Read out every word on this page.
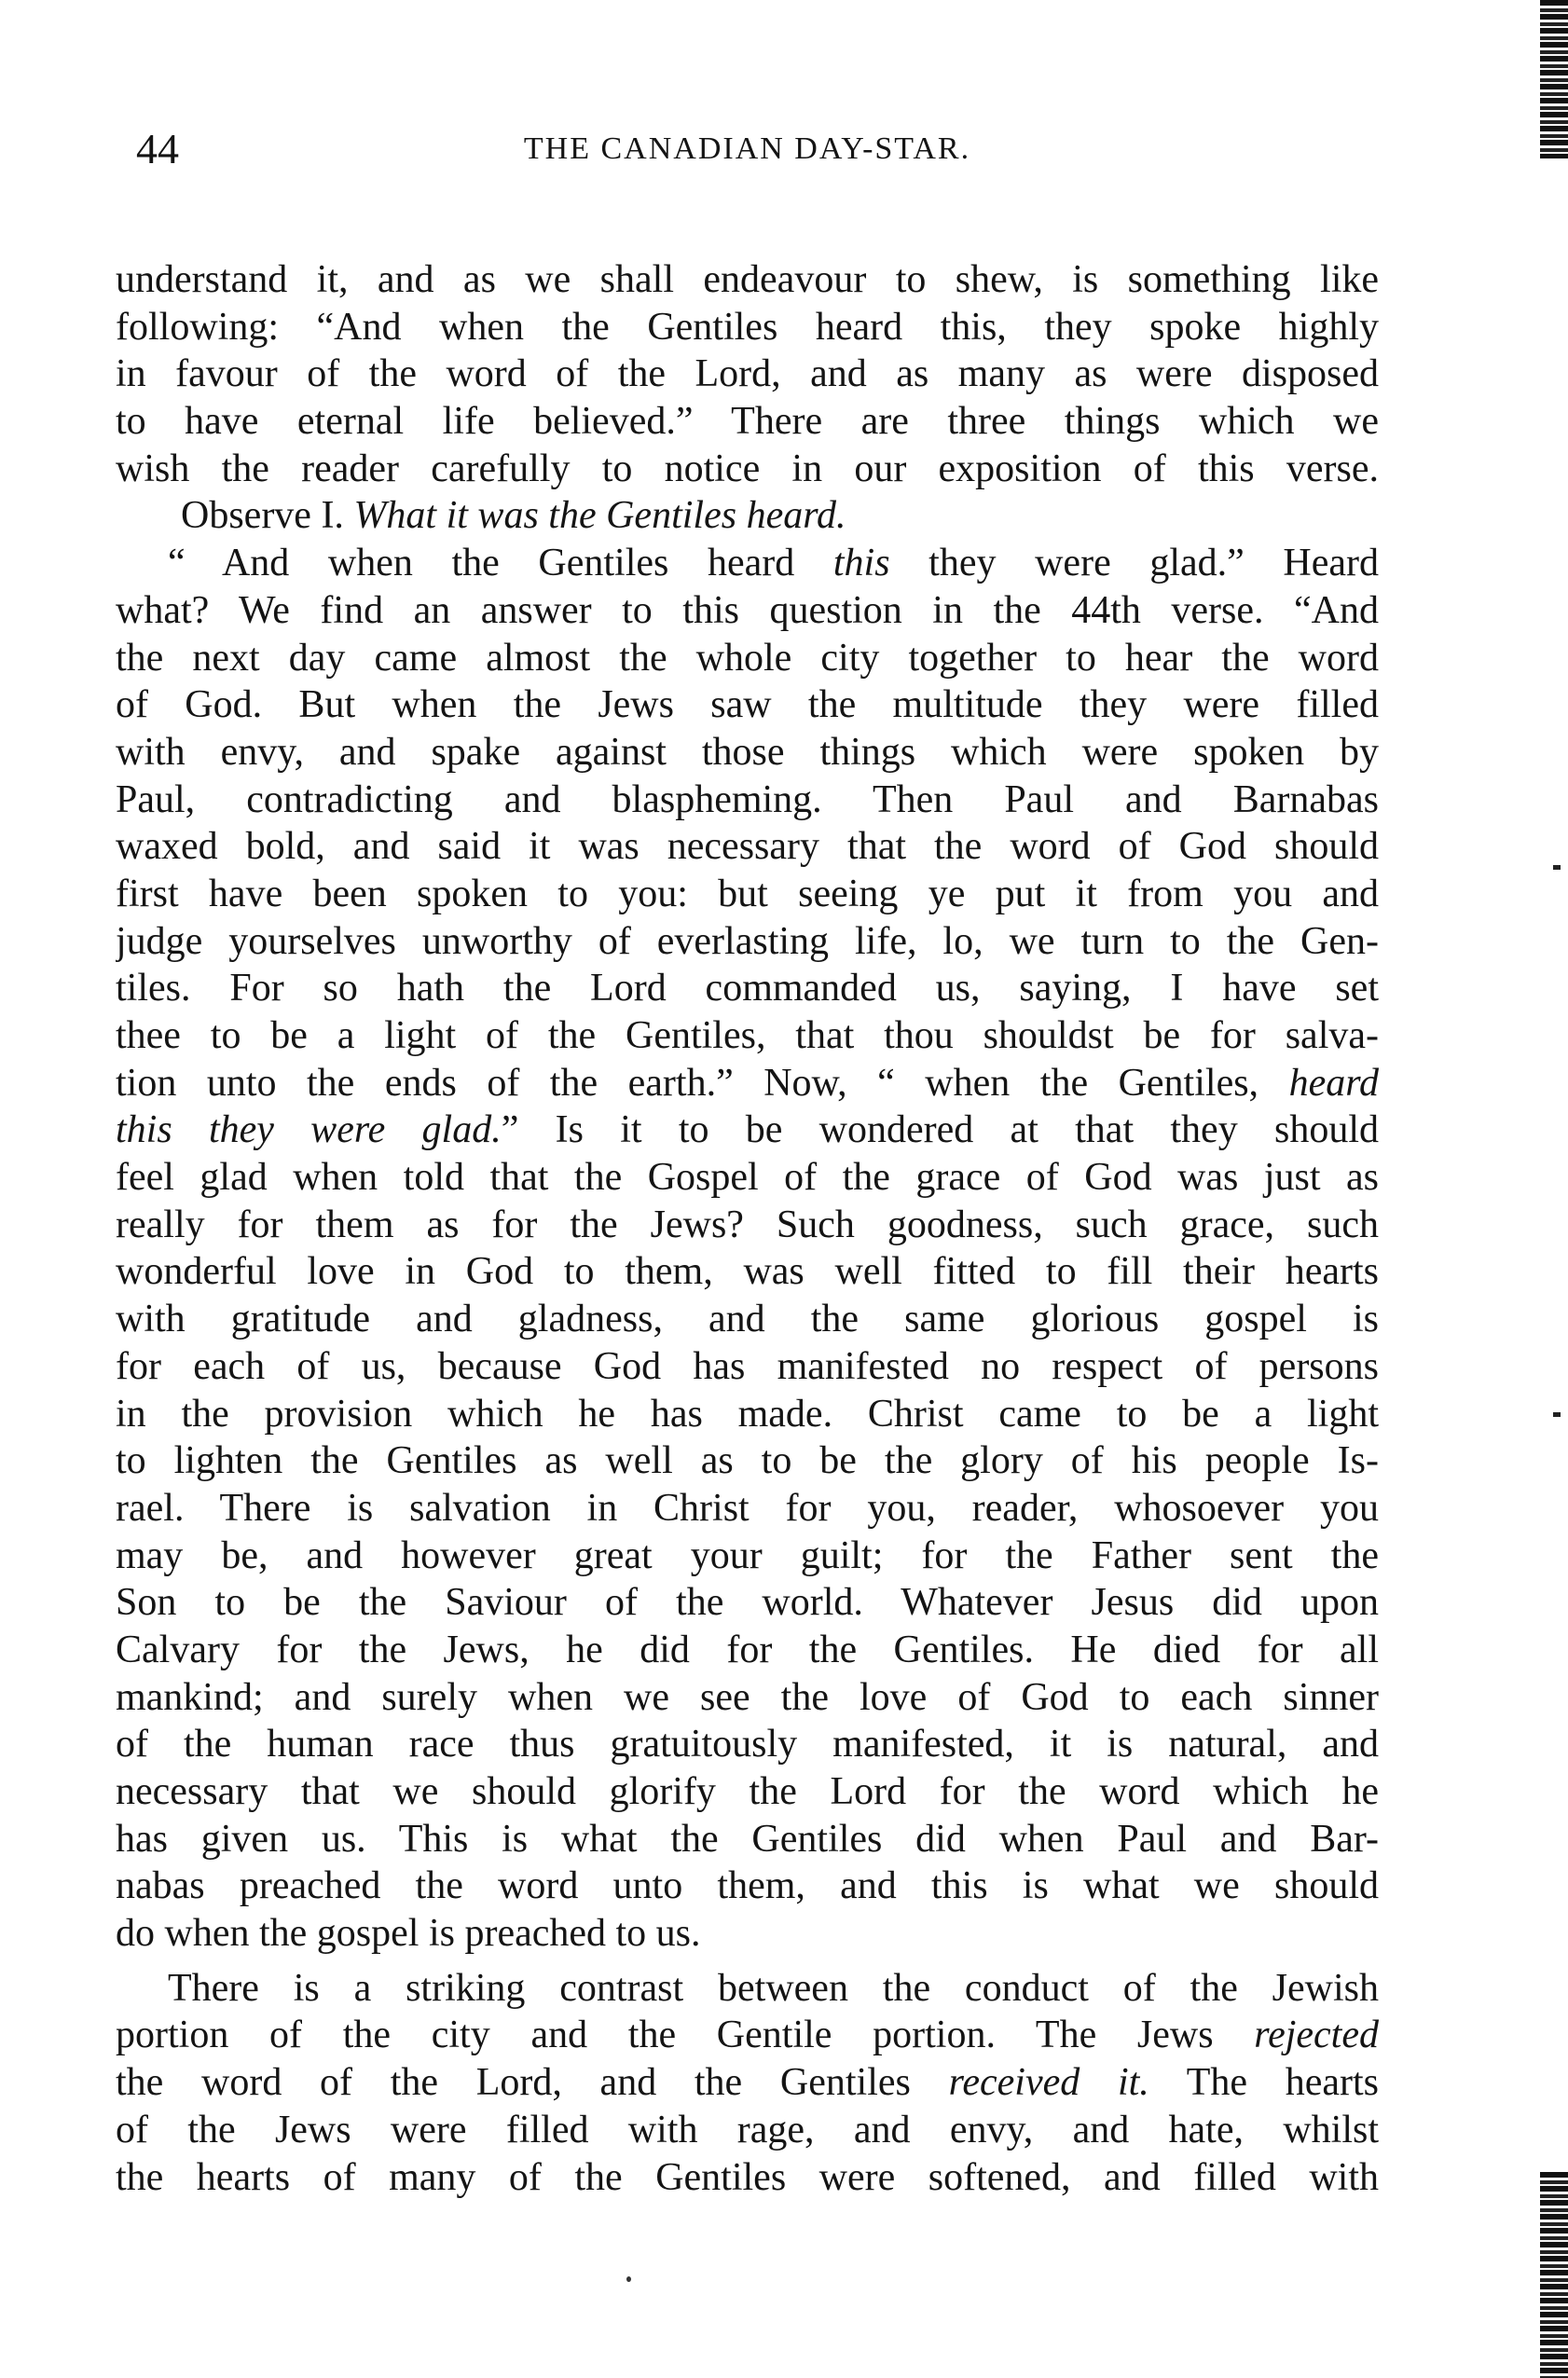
44	THE CANADIAN DAY-STAR.
understand it, and as we shall endeavour to shew, is something like
following: “And when the Gentiles heard this, they spoke highly
in favour of the word of the Lord, and as many as were disposed
to have eternal life believed.” There are three things which we
wish the reader carefully to notice in our exposition of this verse.
Observe I. What it was the Gentiles heard.
“ And when the Gentiles heard this they were glad.” Heard
what? We find an answer to this question in the 44th verse. “And
the next day came almost the whole city together to hear the word
of God. But when the Jews saw the multitude they were filled
with envy, and spake against those things which were spoken by
Paul, contradicting and blaspheming. Then Paul and Barnabas
waxed bold, and said it was necessary that the word of God should
first have been spoken to you: but seeing ye put it from you and
judge yourselves unworthy of everlasting life, lo, we turn to the Gen-
tiles. For so hath the Lord commanded us, saying, I have set
thee to be a light of the Gentiles, that thou shouldst be for salva-
tion unto the ends of the earth.” Now, “ when the Gentiles, heard
this they were glad.” Is it to be wondered at that they should
feel glad when told that the Gospel of the grace of God was just as
really for them as for the Jews? Such goodness, such grace, such
wonderful love in God to them, was well fitted to fill their hearts
with gratitude and gladness, and the same glorious gospel is
for each of us, because God has manifested no respect of persons
in the provision which he has made. Christ came to be a light
to lighten the Gentiles as well as to be the glory of his people Is-
rael. There is salvation in Christ for you, reader, whosoever you
may be, and however great your guilt; for the Father sent the
Son to be the Saviour of the world. Whatever Jesus did upon
Calvary for the Jews, he did for the Gentiles. He died for all
mankind; and surely when we see the love of God to each sinner
of the human race thus gratuitously manifested, it is natural, and
necessary that we should glorify the Lord for the word which he
has given us. This is what the Gentiles did when Paul and Bar-
nabas preached the word unto them, and this is what we should
do when the gospel is preached to us.
There is a striking contrast between the conduct of the Jewish
portion of the city and the Gentile portion. The Jews rejected
the word of the Lord, and the Gentiles received it. The hearts
of the Jews were filled with rage, and envy, and hate, whilst
the hearts of many of the Gentiles were softened, and filled with
